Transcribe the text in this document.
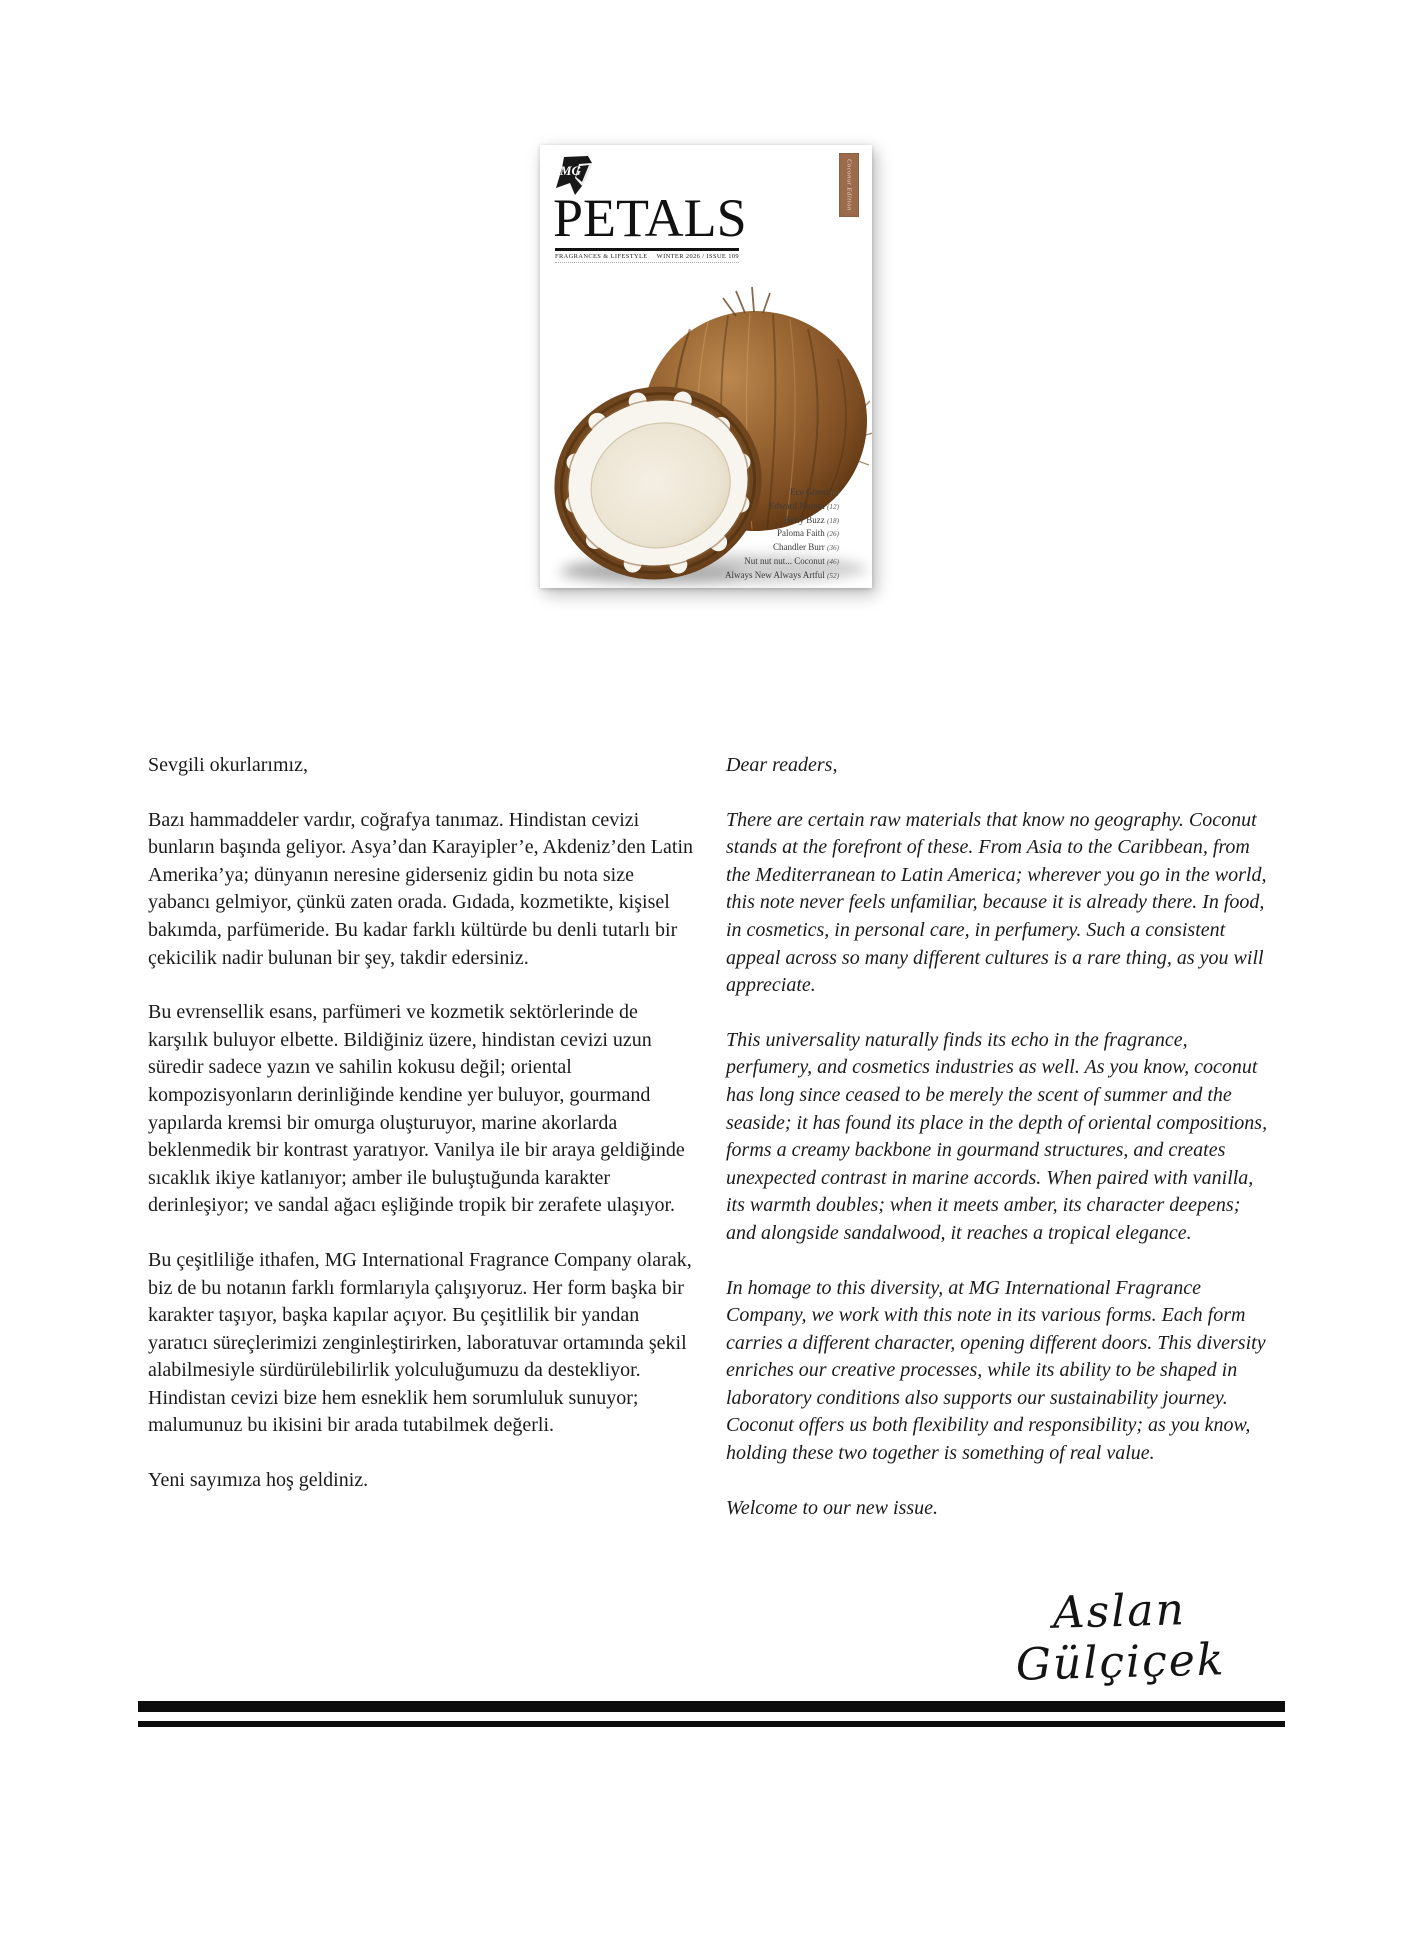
MG
PETALS
FRAGRANCES & LIFESTYLE WINTER 2026 / ISSUE 109
Coconut Edition
Ece Gören (6)
Edward Norton (12)
Betty Buzz (18)
Paloma Faith (26)
Chandler Burr (36)
Nut nut nut... Coconut (46)
Always New Always Artful (52)

Sevgili okurlarımız,

Bazı hammaddeler vardır, coğrafya tanımaz. Hindistan cevizi bunların başında geliyor. Asya’dan Karayipler’e, Akdeniz’den Latin Amerika’ya; dünyanın neresine giderseniz gidin bu nota size yabancı gelmiyor, çünkü zaten orada. Gıdada, kozmetikte, kişisel bakımda, parfümeride. Bu kadar farklı kültürde bu denli tutarlı bir çekicilik nadir bulunan bir şey, takdir edersiniz.

Bu evrensellik esans, parfümeri ve kozmetik sektörlerinde de karşılık buluyor elbette. Bildiğiniz üzere, hindistan cevizi uzun süredir sadece yazın ve sahilin kokusu değil; oriental kompozisyonların derinliğinde kendine yer buluyor, gourmand yapılarda kremsi bir omurga oluşturuyor, marine akorlarda beklenmedik bir kontrast yaratıyor. Vanilya ile bir araya geldiğinde sıcaklık ikiye katlanıyor; amber ile buluştuğunda karakter derinleşiyor; ve sandal ağacı eşliğinde tropik bir zerafete ulaşıyor.

Bu çeşitliliğe ithafen, MG International Fragrance Company olarak, biz de bu notanın farklı formlarıyla çalışıyoruz. Her form başka bir karakter taşıyor, başka kapılar açıyor. Bu çeşitlilik bir yandan yaratıcı süreçlerimizi zenginleştirirken, laboratuvar ortamında şekil alabilmesiyle sürdürülebilirlik yolculuğumuzu da destekliyor. Hindistan cevizi bize hem esneklik hem sorumluluk sunuyor; malumunuz bu ikisini bir arada tutabilmek değerli.

Yeni sayımıza hoş geldiniz.

Dear readers,

There are certain raw materials that know no geography. Coconut stands at the forefront of these. From Asia to the Caribbean, from the Mediterranean to Latin America; wherever you go in the world, this note never feels unfamiliar, because it is already there. In food, in cosmetics, in personal care, in perfumery. Such a consistent appeal across so many different cultures is a rare thing, as you will appreciate.

This universality naturally finds its echo in the fragrance, perfumery, and cosmetics industries as well. As you know, coconut has long since ceased to be merely the scent of summer and the seaside; it has found its place in the depth of oriental compositions, forms a creamy backbone in gourmand structures, and creates unexpected contrast in marine accords. When paired with vanilla, its warmth doubles; when it meets amber, its character deepens; and alongside sandalwood, it reaches a tropical elegance.

In homage to this diversity, at MG International Fragrance Company, we work with this note in its various forms. Each form carries a different character, opening different doors. This diversity enriches our creative processes, while its ability to be shaped in laboratory conditions also supports our sustainability journey. Coconut offers us both flexibility and responsibility; as you know, holding these two together is something of real value.

Welcome to our new issue.

Aslan Gülçiçek
